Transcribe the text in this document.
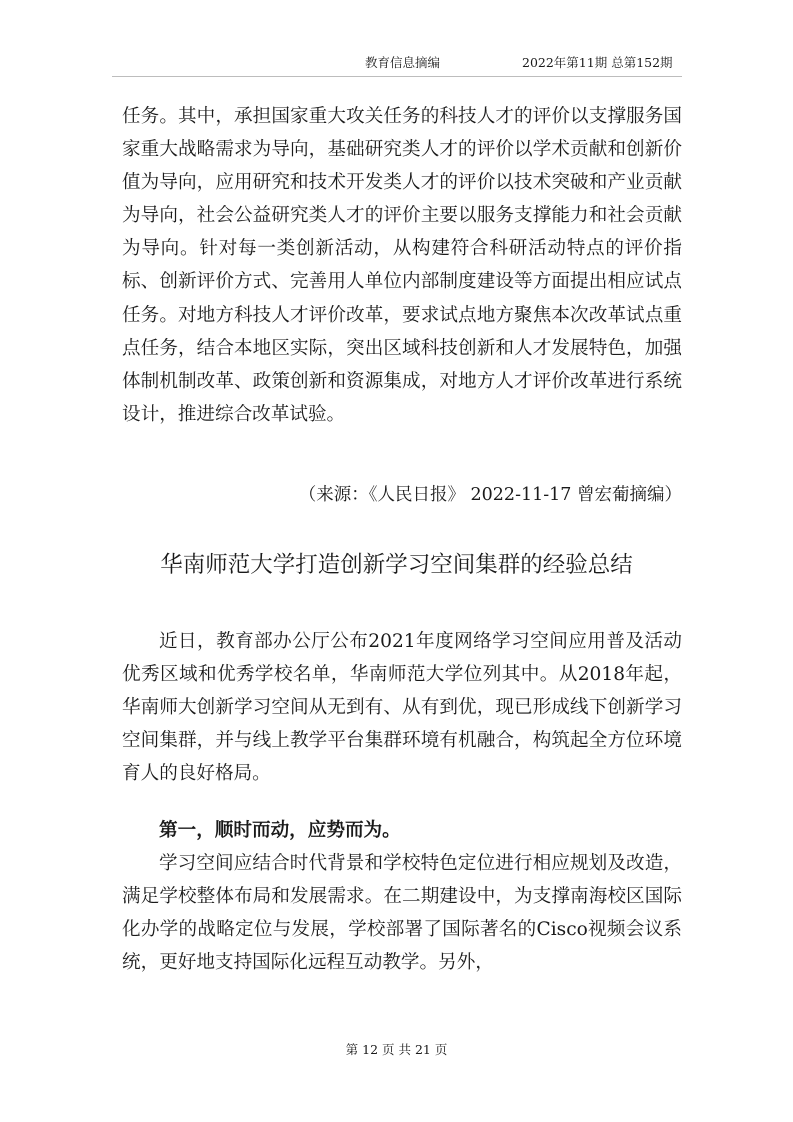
教育信息摘编	2022年第11期 总第152期

任务。其中，承担国家重大攻关任务的科技人才的评价以支撑服务国家重大战略需求为导向，基础研究类人才的评价以学术贡献和创新价值为导向，应用研究和技术开发类人才的评价以技术突破和产业贡献为导向，社会公益研究类人才的评价主要以服务支撑能力和社会贡献为导向。针对每一类创新活动，从构建符合科研活动特点的评价指标、创新评价方式、完善用人单位内部制度建设等方面提出相应试点任务。对地方科技人才评价改革，要求试点地方聚焦本次改革试点重点任务，结合本地区实际，突出区域科技创新和人才发展特色，加强体制机制改革、政策创新和资源集成，对地方人才评价改革进行系统设计，推进综合改革试验。

（来源：《人民日报》 2022-11-17 曾宏葡摘编）
华南师范大学打造创新学习空间集群的经验总结

近日，教育部办公厅公布2021年度网络学习空间应用普及活动优秀区域和优秀学校名单，华南师范大学位列其中。从2018年起，华南师大创新学习空间从无到有、从有到优，现已形成线下创新学习空间集群，并与线上教学平台集群环境有机融合，构筑起全方位环境育人的良好格局。

第一，顺时而动，应势而为。

学习空间应结合时代背景和学校特色定位进行相应规划及改造，满足学校整体布局和发展需求。在二期建设中，为支撑南海校区国际化办学的战略定位与发展，学校部署了国际著名的Cisco视频会议系统，更好地支持国际化远程互动教学。另外，

第 12 页 共 21 页
